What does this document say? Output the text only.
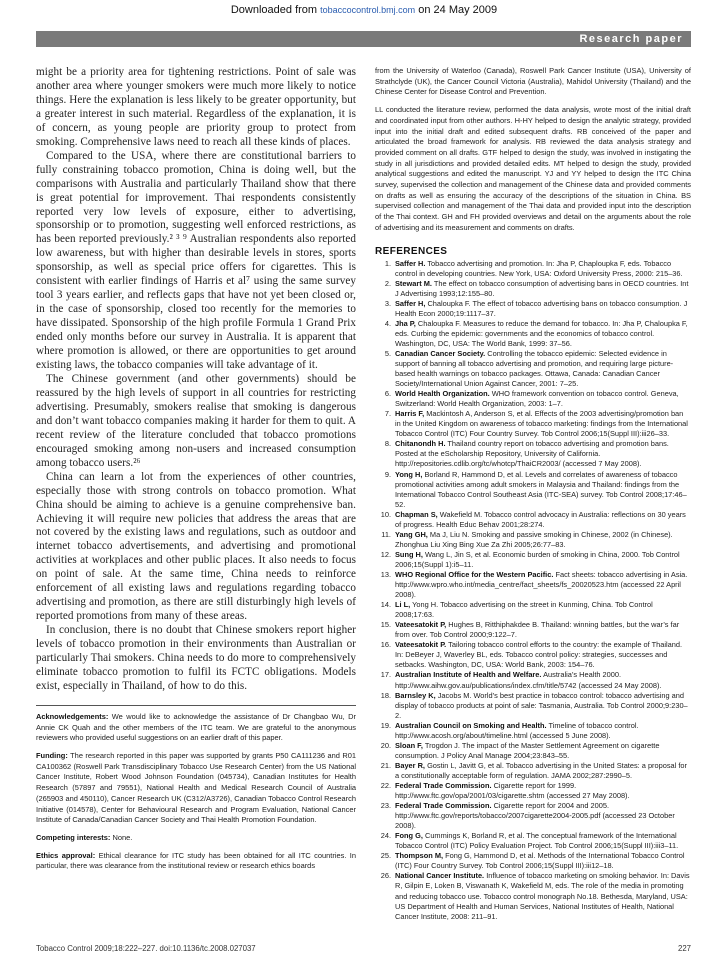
Downloaded from tobaccocontrol.bmj.com on 24 May 2009
Research paper

might be a priority area for tightening restrictions. Point of sale was another area where younger smokers were much more likely to notice things. Here the explanation is less likely to be greater opportunity, but a greater interest in such material. Regardless of the explanation, it is of concern, as young people are priority group to protect from smoking. Comprehensive laws need to reach all these kinds of places.

Compared to the USA, where there are constitutional barriers to fully constraining tobacco promotion, China is doing well, but the comparisons with Australia and particularly Thailand show that there is great potential for improvement. Thai respondents consistently reported very low levels of exposure, either to advertising, sponsorship or to promotion, suggesting well enforced restrictions, as has been reported previously.² ³ ⁹ Australian respondents also reported low awareness, but with higher than desirable levels in stores, sports sponsorship, as well as special price offers for cigarettes. This is consistent with earlier findings of Harris et al⁷ using the same survey tool 3 years earlier, and reflects gaps that have not yet been closed or, in the case of sponsorship, closed too recently for the memories to have dissipated. Sponsorship of the high profile Formula 1 Grand Prix ended only months before our survey in Australia. It is apparent that where promotion is allowed, or there are opportunities to get around existing laws, the tobacco companies will take advantage of it.

The Chinese government (and other governments) should be reassured by the high levels of support in all countries for restricting advertising. Presumably, smokers realise that smoking is dangerous and don’t want tobacco companies making it harder for them to quit. A recent review of the literature concluded that tobacco promotions encouraged smoking among non-users and increased consumption among tobacco users.²⁶

China can learn a lot from the experiences of other countries, especially those with strong controls on tobacco promotion. What China should be aiming to achieve is a genuine comprehensive ban. Achieving it will require new policies that address the areas that are not covered by the existing laws and regulations, such as outdoor and internet tobacco advertisements, and advertising and promotional activities at workplaces and other public places. It also needs to focus on point of sale. At the same time, China needs to reinforce enforcement of all existing laws and regulations regarding tobacco advertising and promotion, as there are still disturbingly high levels of reported promotions from many of these areas.

In conclusion, there is no doubt that Chinese smokers report higher levels of tobacco promotion in their environments than Australian or particularly Thai smokers. China needs to do more to comprehensively eliminate tobacco promotion to fulfil its FCTC obligations. Models exist, especially in Thailand, of how to do this.

Acknowledgements: We would like to acknowledge the assistance of Dr Changbao Wu, Dr Annie CK Quah and the other members of the ITC team. We are grateful to the anonymous reviewers who provided useful suggestions on an earlier draft of this paper.

Funding: The research reported in this paper was supported by grants P50 CA111236 and R01 CA100362 (Roswell Park Transdisciplinary Tobacco Use Research Center) from the US National Cancer Institute, Robert Wood Johnson Foundation (045734), Canadian Institutes for Health Research (57897 and 79551), National Health and Medical Research Council of Australia (265903 and 450110), Cancer Research UK (C312/A3726), Canadian Tobacco Control Research Initiative (014578), Center for Behavioural Research and Program Evaluation, National Cancer Institute of Canada/Canadian Cancer Society and Thai Health Promotion Foundation.

Competing interests: None.

Ethics approval: Ethical clearance for ITC study has been obtained for all ITC countries. In particular, there was clearance from the institutional review or research ethics boards

from the University of Waterloo (Canada), Roswell Park Cancer Institute (USA), University of Strathclyde (UK), the Cancer Council Victoria (Australia), Mahidol University (Thailand) and the Chinese Center for Disease Control and Prevention.

LL conducted the literature review, performed the data analysis, wrote most of the initial draft and coordinated input from other authors. H-HY helped to design the analytic strategy, provided input into the initial draft and edited subsequent drafts. RB conceived of the paper and articulated the broad framework for analysis. RB reviewed the data analysis strategy and provided comment on all drafts. GTF helped to design the study, was involved in instigating the study in all jurisdictions and provided detailed edits. MT helped to design the study, provided analytical suggestions and edited the manuscript. YJ and YY helped to design the ITC China survey, supervised the collection and management of the Chinese data and provided comments on drafts as well as ensuring the accuracy of the descriptions of the situation in China. BS supervised collection and management of the Thai data and provided input into the description of the Thai context. GH and FH provided overviews and detail on the arguments about the role of advertising and its measurement and comments on drafts.

REFERENCES
1. Saffer H. Tobacco advertising and promotion. In: Jha P, Chaploupka F, eds. Tobacco control in developing countries. New York, USA: Oxford University Press, 2000: 215–36.
2. Stewart M. The effect on tobacco consumption of advertising bans in OECD countries. Int J Advertising 1993;12:155–80.
3. Saffer H, Chaloupka F. The effect of tobacco advertising bans on tobacco consumption. J Health Econ 2000;19:1117–37.
4. Jha P, Chaloupka F. Measures to reduce the demand for tobacco. In: Jha P, Chaloupka F, eds. Curbing the epidemic: governments and the economics of tobacco control. Washington, DC, USA: The World Bank, 1999: 37–56.
5. Canadian Cancer Society. Controlling the tobacco epidemic: Selected evidence in support of banning all tobacco advertising and promotion, and requiring large picture-based health warnings on tobacco packages. Ottawa, Canada: Canadian Cancer Society/International Union Against Cancer, 2001: 7–25.
6. World Health Organization. WHO framework convention on tobacco control. Geneva, Switzerland: World Health Organization, 2003: 1–7.
7. Harris F, Mackintosh A, Anderson S, et al. Effects of the 2003 advertising/promotion ban in the United Kingdom on awareness of tobacco marketing: findings from the International Tobacco Control (ITC) Four Country Survey. Tob Control 2006;15(Suppl III):iii26–33.
8. Chitanondh H. Thailand country report on tobacco advertising and promotion bans. Posted at the eScholarship Repository, University of California. http://repositories.cdlib.org/tc/whotcp/ThaiCR2003/ (accessed 7 May 2008).
9. Yong H, Borland R, Hammond D, et al. Levels and correlates of awareness of tobacco promotional activities among adult smokers in Malaysia and Thailand: findings from the International Tobacco Control Southeast Asia (ITC-SEA) survey. Tob Control 2008;17:46–52.
10. Chapman S, Wakefield M. Tobacco control advocacy in Australia: reflections on 30 years of progress. Health Educ Behav 2001;28:274.
11. Yang GH, Ma J, Liu N. Smoking and passive smoking in Chinese, 2002 (in Chinese). Zhonghua Liu Xing Bing Xue Za Zhi 2005;26:77–83.
12. Sung H, Wang L, Jin S, et al. Economic burden of smoking in China, 2000. Tob Control 2006;15(Suppl 1):i5–11.
13. WHO Regional Office for the Western Pacific. Fact sheets: tobacco advertising in Asia. http://www.wpro.who.int/media_centre/fact_sheets/fs_20020523.htm (accessed 22 April 2008).
14. Li L, Yong H. Tobacco advertising on the street in Kunming, China. Tob Control 2008;17:63.
15. Vateesatokit P, Hughes B, Ritthiphakdee B. Thailand: winning battles, but the war’s far from over. Tob Control 2000;9:122–7.
16. Vateesatokit P. Tailoring tobacco control efforts to the country: the example of Thailand. In: DeBeyer J, Waverley BL, eds. Tobacco control policy: strategies, successes and setbacks. Washington, DC, USA: World Bank, 2003: 154–76.
17. Australian Institute of Health and Welfare. Australia’s Health 2000. http://www.aihw.gov.au/publications/index.cfm/title/5742 (accessed 24 May 2008).
18. Barnsley K, Jacobs M. World’s best practice in tobacco control: tobacco advertising and display of tobacco products at point of sale: Tasmania, Australia. Tob Control 2000;9:230–2.
19. Australian Council on Smoking and Health. Timeline of tobacco control. http://www.acosh.org/about/timeline.html (accessed 5 June 2008).
20. Sloan F, Trogdon J. The impact of the Master Settlement Agreement on cigarette consumption. J Policy Anal Manage 2004;23:843–55.
21. Bayer R, Gostin L, Javitt G, et al. Tobacco advertising in the United States: a proposal for a constitutionally acceptable form of regulation. JAMA 2002;287:2990–5.
22. Federal Trade Commission. Cigarette report for 1999. http://www.ftc.gov/opa/2001/03/cigarette.shtm (accessed 27 May 2008).
23. Federal Trade Commission. Cigarette report for 2004 and 2005. http://www.ftc.gov/reports/tobacco/2007cigarette2004-2005.pdf (accessed 23 October 2008).
24. Fong G, Cummings K, Borland R, et al. The conceptual framework of the International Tobacco Control (ITC) Policy Evaluation Project. Tob Control 2006;15(Suppl III):iii3–11.
25. Thompson M, Fong G, Hammond D, et al. Methods of the International Tobacco Control (ITC) Four Country Survey. Tob Control 2006;15(Suppl III):iii12–18.
26. National Cancer Institute. Influence of tobacco marketing on smoking behavior. In: Davis R, Gilpin E, Loken B, Viswanath K, Wakefield M, eds. The role of the media in promoting and reducing tobacco use. Tobacco control monograph No.18. Bethesda, Maryland, USA: US Department of Health and Human Services, National Institutes of Health, National Cancer Institute, 2008: 211–91.
Tobacco Control 2009;18:222–227. doi:10.1136/tc.2008.027037	227
